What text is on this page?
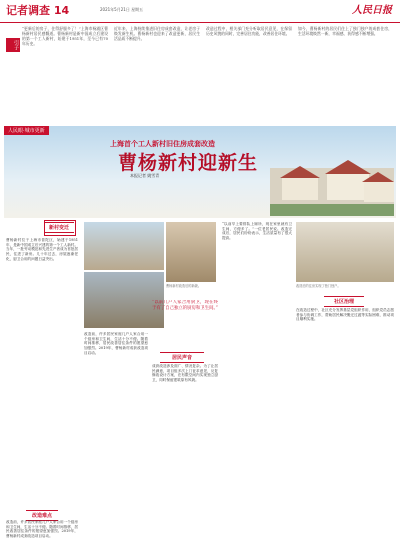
记者调查 14	2021年5月21日 星期五	人民日报
引子
“更新后的房子，住得舒服多了！”上海市杨浦区曹杨新村居民感慨道。曹杨新村是新中国成立后建设的第一个工人新村，始建于1951年，至今已有70年历史。
近年来，上海持续推进旧住房成套改造，让老房子焕发新生机。曹杨新村也迎来了改造更新，居民生活品质不断提升。
改造过程中，相关部门充分听取居民意见，在保留历史风貌的同时，完善居住功能，改善居住环境。
如今，曹杨新村的居民们住上了独门独户的成套住房，生活环境焕然一新，幸福感、获得感不断增强。
人民眼·城市更新
上海首个工人新村旧住房成套改造
曹杨新村迎新生
本报记者 姚雪青
新村变迁
曹杨新村位于上海市普陀区，始建于1951年，是新中国成立后兴建的第一个工人新村。当年，一批劳动模范和先进生产者成为首批居民，住进了新房。几十年过去，房屋逐渐老化，厨卫合用的问题日益突出。
改造难点
改造前，许多居民家庭几户人家合用一个厨房和卫生间，生活十分不便。随着时间推移，居民改善居住条件的愿望愈加强烈。2019年，曹杨新村成套改造项目启动。
曹杨新村改造后的新貌。
改造前，许多居民家庭几户人家合用一个厨房和卫生间，生活十分不便。随着时间推移，居民改善居住条件的愿望愈加强烈。2019年，曹杨新村成套改造项目启动。
“以前几户人家合用厨卫，现在终于有了自己独立的厨房和卫生间。”
居民声音
成套改造涉及面广、情况复杂。为了让居民满意，项目组多次上门征求意见，反复修改设计方案，在有限空间内实现独立厨卫，同时保留建筑原有风貌。
“以前早上要排队上厕所，现在家里就有卫生间，方便多了。”一位老居民说。改造完成后，居民们纷纷表示，生活质量有了很大提高。
改造后的住房实现了独门独户。
社区治理
在改造过程中，社区充分发挥基层党组织作用，组织党员志愿者参与协调工作，帮助居民解决搬迁过渡等实际困难，推动项目顺利实施。
